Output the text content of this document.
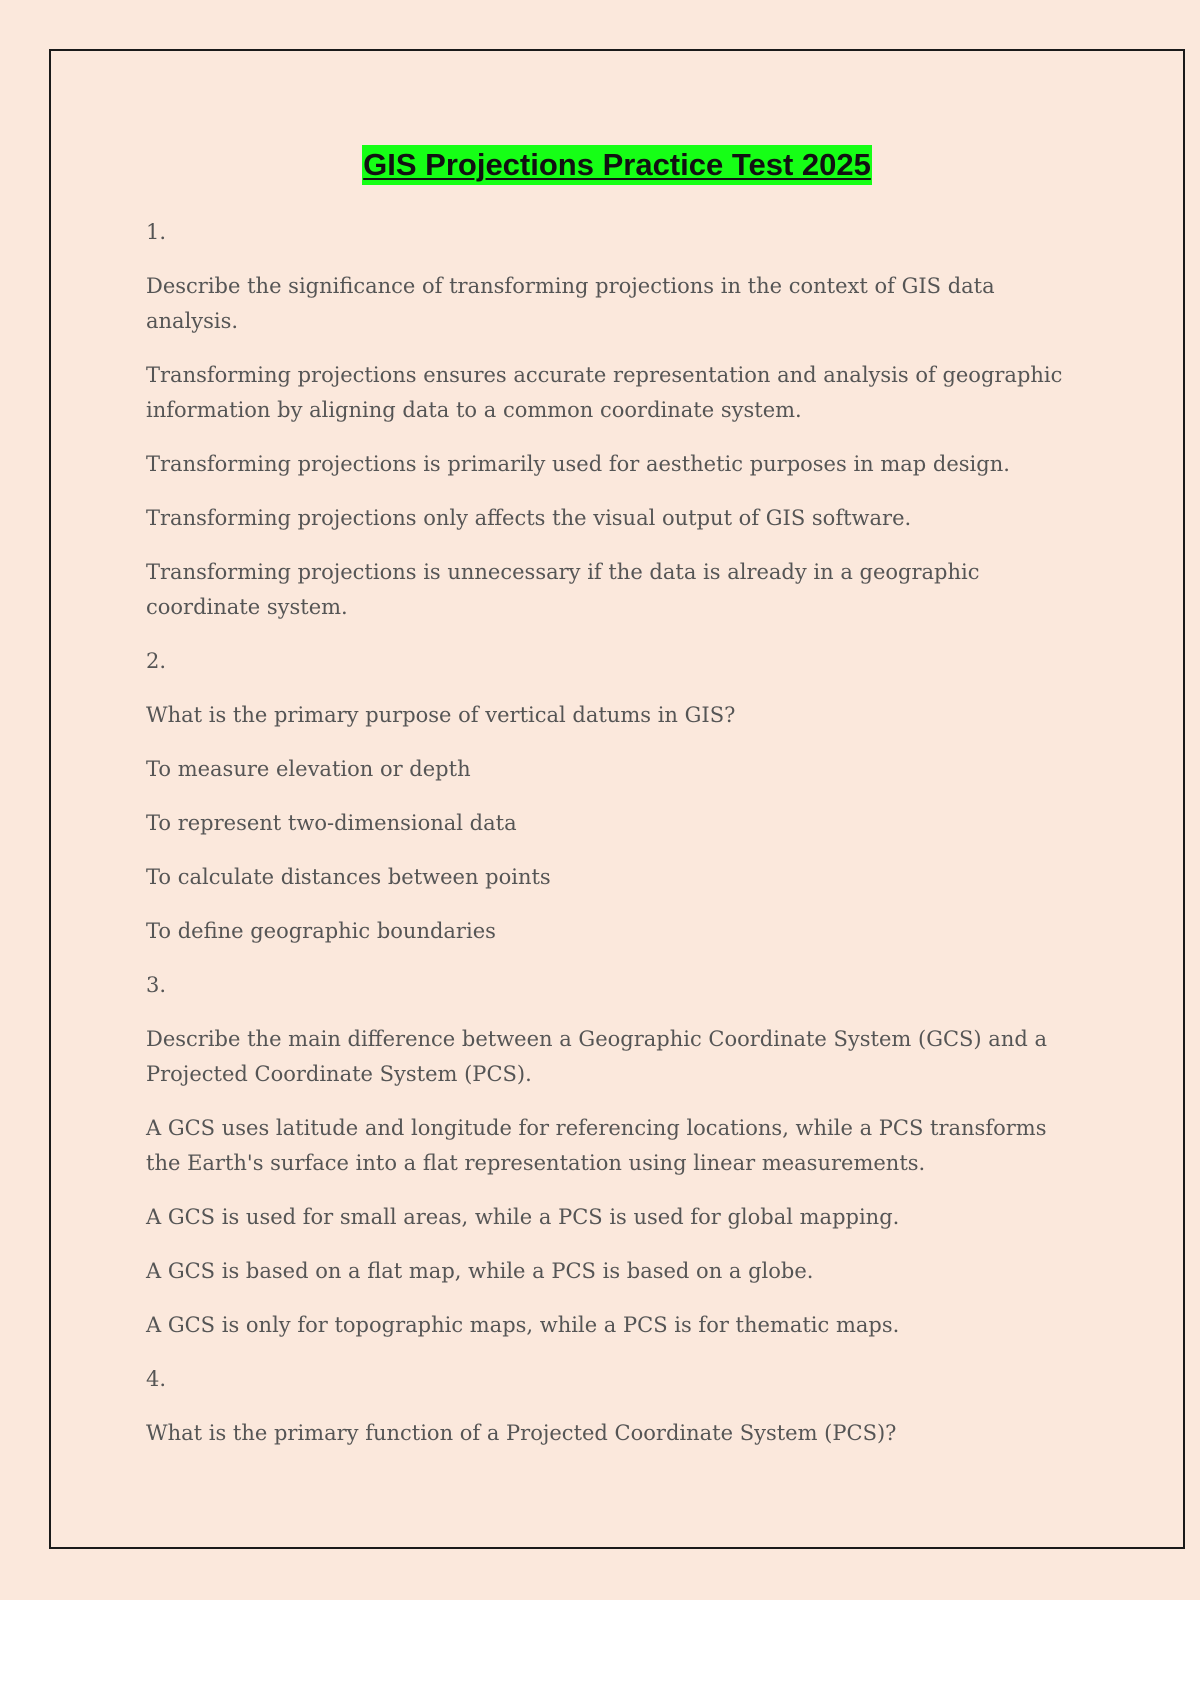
GIS Projections Practice Test 2025

1.

Describe the significance of transforming projections in the context of GIS data analysis.

Transforming projections ensures accurate representation and analysis of geographic information by aligning data to a common coordinate system.

Transforming projections is primarily used for aesthetic purposes in map design.

Transforming projections only affects the visual output of GIS software.

Transforming projections is unnecessary if the data is already in a geographic coordinate system.

2.

What is the primary purpose of vertical datums in GIS?

To measure elevation or depth

To represent two-dimensional data

To calculate distances between points

To define geographic boundaries

3.

Describe the main difference between a Geographic Coordinate System (GCS) and a Projected Coordinate System (PCS).

A GCS uses latitude and longitude for referencing locations, while a PCS transforms the Earth's surface into a flat representation using linear measurements.

A GCS is used for small areas, while a PCS is used for global mapping.

A GCS is based on a flat map, while a PCS is based on a globe.

A GCS is only for topographic maps, while a PCS is for thematic maps.

4.

What is the primary function of a Projected Coordinate System (PCS)?
